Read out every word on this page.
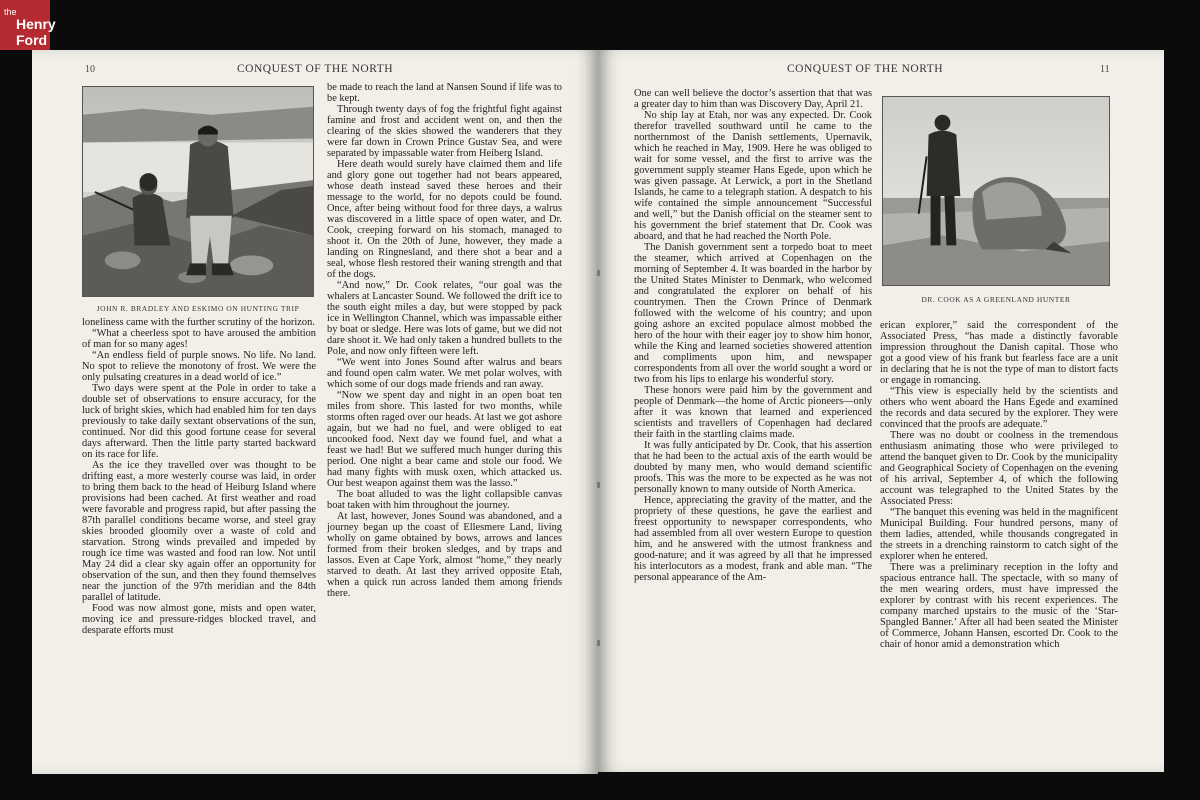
the
Henry
Ford
10	CONQUEST OF THE NORTH
JOHN R. BRADLEY AND ESKIMO ON HUNTING TRIP

loneliness came with the further scrutiny of the horizon.

“What a cheerless spot to have aroused the ambition of man for so many ages!

“An endless field of purple snows. No life. No land. No spot to relieve the monotony of frost. We were the only pulsating creatures in a dead world of ice.”

Two days were spent at the Pole in order to take a double set of observations to ensure accuracy, for the luck of bright skies, which had enabled him for ten days previously to take daily sextant observations of the sun, continued. Nor did this good fortune cease for several days afterward. Then the little party started backward on its race for life.

As the ice they travelled over was thought to be drifting east, a more westerly course was laid, in order to bring them back to the head of Heiburg Island where provisions had been cached. At first weather and road were favorable and progress rapid, but after passing the 87th parallel conditions became worse, and steel gray skies brooded gloomily over a waste of cold and starvation. Strong winds prevailed and impeded by rough ice time was wasted and food ran low. Not until May 24 did a clear sky again offer an opportunity for observation of the sun, and then they found themselves near the junction of the 97th meridian and the 84th parallel of latitude.

Food was now almost gone, mists and open water, moving ice and pressure-ridges blocked travel, and desparate efforts must

be made to reach the land at Nansen Sound if life was to be kept.

Through twenty days of fog the frightful fight against famine and frost and accident went on, and then the clearing of the skies showed the wanderers that they were far down in Crown Prince Gustav Sea, and were separated by impassable water from Heiberg Island.

Here death would surely have claimed them and life and glory gone out together had not bears appeared, whose death instead saved these heroes and their message to the world, for no depots could be found. Once, after being without food for three days, a walrus was discovered in a little space of open water, and Dr. Cook, creeping forward on his stomach, managed to shoot it. On the 20th of June, however, they made a landing on Ringnesland, and there shot a bear and a seal, whose flesh restored their waning strength and that of the dogs.

“And now,” Dr. Cook relates, “our goal was the whalers at Lancaster Sound. We followed the drift ice to the south eight miles a day, but were stopped by pack ice in Wellington Channel, which was impassable either by boat or sledge. Here was lots of game, but we did not dare shoot it. We had only taken a hundred bullets to the Pole, and now only fifteen were left.

“We went into Jones Sound after walrus and bears and found open calm water. We met polar wolves, with which some of our dogs made friends and ran away.

“Now we spent day and night in an open boat ten miles from shore. This lasted for two months, while storms often raged over our heads. At last we got ashore again, but we had no fuel, and were obliged to eat uncooked food. Next day we found fuel, and what a feast we had! But we suffered much hunger during this period. One night a bear came and stole our food. We had many fights with musk oxen, which attacked us. Our best weapon against them was the lasso.”

The boat alluded to was the light collapsible canvas boat taken with him throughout the journey.

At last, however, Jones Sound was abandoned, and a journey began up the coast of Ellesmere Land, living wholly on game obtained by bows, arrows and lances formed from their broken sledges, and by traps and lassos. Even at Cape York, almost “home,” they nearly starved to death. At last they arrived opposite Etah, when a quick run across landed them among friends there.

CONQUEST OF THE NORTH	11

One can well believe the doctor’s assertion that that was a greater day to him than was Discovery Day, April 21.

No ship lay at Etah, nor was any expected. Dr. Cook therefor travelled southward until he came to the northernmost of the Danish settlements, Upernavik, which he reached in May, 1909. Here he was obliged to wait for some vessel, and the first to arrive was the government supply steamer Hans Egede, upon which he was given passage. At Lerwick, a port in the Shetland Islands, he came to a telegraph station. A despatch to his wife contained the simple announcement “Successful and well,” but the Danish official on the steamer sent to his government the brief statement that Dr. Cook was aboard, and that he had reached the North Pole.

The Danish government sent a torpedo boat to meet the steamer, which arrived at Copenhagen on the morning of September 4. It was boarded in the harbor by the United States Minister to Denmark, who welcomed and congratulated the explorer on behalf of his countrymen. Then the Crown Prince of Denmark followed with the welcome of his country; and upon going ashore an excited populace almost mobbed the hero of the hour with their eager joy to show him honor, while the King and learned societies showered attention and compliments upon him, and newspaper correspondents from all over the world sought a word or two from his lips to enlarge his wonderful story.

These honors were paid him by the government and people of Denmark—the home of Arctic pioneers—only after it was known that learned and experienced scientists and travellers of Copenhagen had declared their faith in the startling claims made.

It was fully anticipated by Dr. Cook, that his assertion that he had been to the actual axis of the earth would be doubted by many men, who would demand scientific proofs. This was the more to be expected as he was not personally known to many outside of North America.

Hence, appreciating the gravity of the matter, and the propriety of these questions, he gave the earliest and freest opportunity to newspaper correspondents, who had assembled from all over western Europe to question him, and he answered with the utmost frankness and good-nature; and it was agreed by all that he impressed his interlocutors as a modest, frank and able man. “The personal appearance of the Am-

DR. COOK AS A GREENLAND HUNTER

erican explorer,” said the correspondent of the Associated Press, “has made a distinctly favorable impression throughout the Danish capital. Those who got a good view of his frank but fearless face are a unit in declaring that he is not the type of man to distort facts or engage in romancing.

“This view is especially held by the scientists and others who went aboard the Hans Egede and examined the records and data secured by the explorer. They were convinced that the proofs are adequate.”

There was no doubt or coolness in the tremendous enthusiasm animating those who were privileged to attend the banquet given to Dr. Cook by the municipality and Geographical Society of Copenhagen on the evening of his arrival, September 4, of which the following account was telegraphed to the United States by the Associated Press:

“The banquet this evening was held in the magnificent Municipal Building. Four hundred persons, many of them ladies, attended, while thousands congregated in the streets in a drenching rainstorm to catch sight of the explorer when he entered.

There was a preliminary reception in the lofty and spacious entrance hall. The spectacle, with so many of the men wearing orders, must have impressed the explorer by contrast with his recent experiences. The company marched upstairs to the music of the ‘Star-Spangled Banner.’ After all had been seated the Minister of Commerce, Johann Hansen, escorted Dr. Cook to the chair of honor amid a demonstration which
